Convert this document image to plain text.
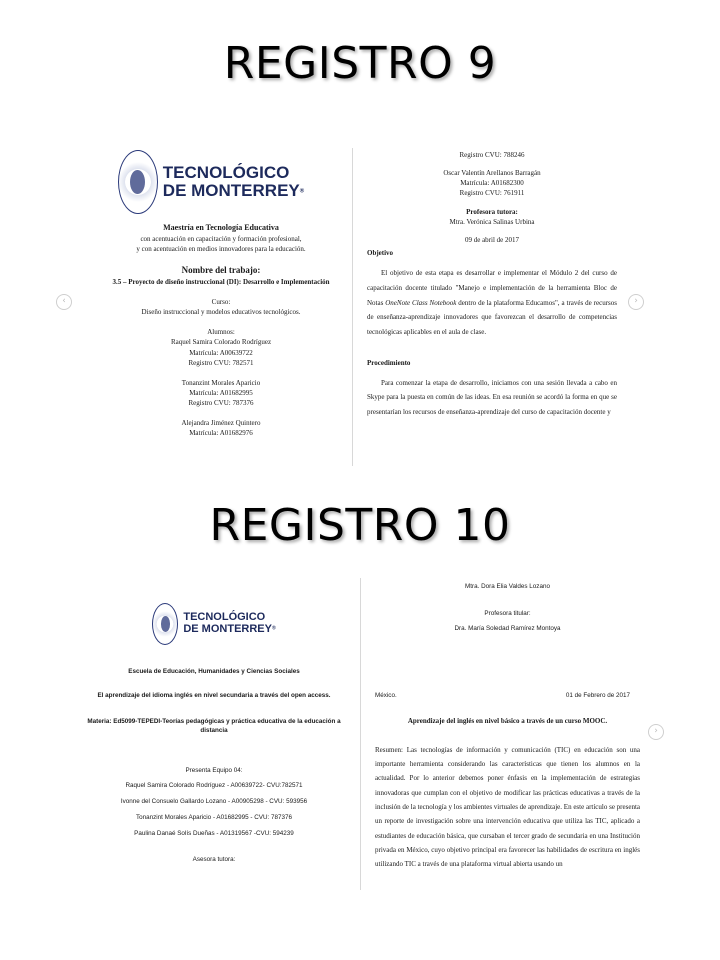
REGISTRO 9
‹	›
TECNOLÓGICO
DE MONTERREY®
Maestría en Tecnología Educativa
con acentuación en capacitación y formación profesional,
y con acentuación en medios innovadores para la educación.
Nombre del trabajo:
3.5 – Proyecto de diseño instruccional (DI): Desarrollo e Implementación
Curso:
Diseño instruccional y modelos educativos tecnológicos.
Alumnos:
Raquel Samira Colorado Rodríguez
Matrícula: A00639722
Registro CVU: 782571
Tonanzint Morales Aparicio
Matrícula: A01682995
Registro CVU: 787376
Alejandra Jiménez Quintero
Matrícula: A01682976
Registro CVU: 788246
Oscar Valentín Arellanos Barragán
Matrícula: A01682300
Registro CVU: 761911
Profesora tutora:
Mtra. Verónica Salinas Urbina
09 de abril de 2017
Objetivo
El objetivo de esta etapa es desarrollar e implementar el Módulo 2 del curso de capacitación docente titulado "Manejo e implementación de la herramienta Bloc de Notas OneNote Class Notebook dentro de la plataforma Educamos", a través de recursos de enseñanza-aprendizaje innovadores que favorezcan el desarrollo de competencias tecnológicas aplicables en el aula de clase.
Procedimiento
Para comenzar la etapa de desarrollo, iniciamos con una sesión llevada a cabo en Skype para la puesta en común de las ideas. En esa reunión se acordó la forma en que se presentarían los recursos de enseñanza-aprendizaje del curso de capacitación docente y
REGISTRO 10
›
TECNOLÓGICO
DE MONTERREY®
Escuela de Educación, Humanidades y Ciencias Sociales
El aprendizaje del idioma inglés en nivel secundaria a través del open access.
Materia: Ed5099-TEPEDI-Teorías pedagógicas y práctica educativa de la educación a distancia
Presenta Equipo 04:
Raquel Samira Colorado Rodríguez - A00639722- CVU:782571
Ivonne del Consuelo Gallardo Lozano - A00905298 - CVU: 593956
Tonanzint Morales Aparicio - A01682995 - CVU: 787376
Paulina Danaé Solís Dueñas - A01319567 -CVU: 594239
Asesora tutora:
Mtra. Dora Elia Valdes Lozano
Profesora titular:
Dra. María Soledad Ramírez Montoya
México.	01 de Febrero de 2017
Aprendizaje del inglés en nivel básico a través de un curso MOOC.
Resumen: Las tecnologías de información y comunicación (TIC) en educación son una importante herramienta considerando las características que tienen los alumnos en la actualidad. Por lo anterior debemos poner énfasis en la implementación de estrategias innovadoras que cumplan con el objetivo de modificar las prácticas educativas a través de la inclusión de la tecnología y los ambientes virtuales de aprendizaje. En este artículo se presenta un reporte de investigación sobre una intervención educativa que utiliza las TIC, aplicado a estudiantes de educación básica, que cursaban el tercer grado de secundaria en una Institución privada en México, cuyo objetivo principal era favorecer las habilidades de escritura en inglés utilizando TIC a través de una plataforma virtual abierta usando un
